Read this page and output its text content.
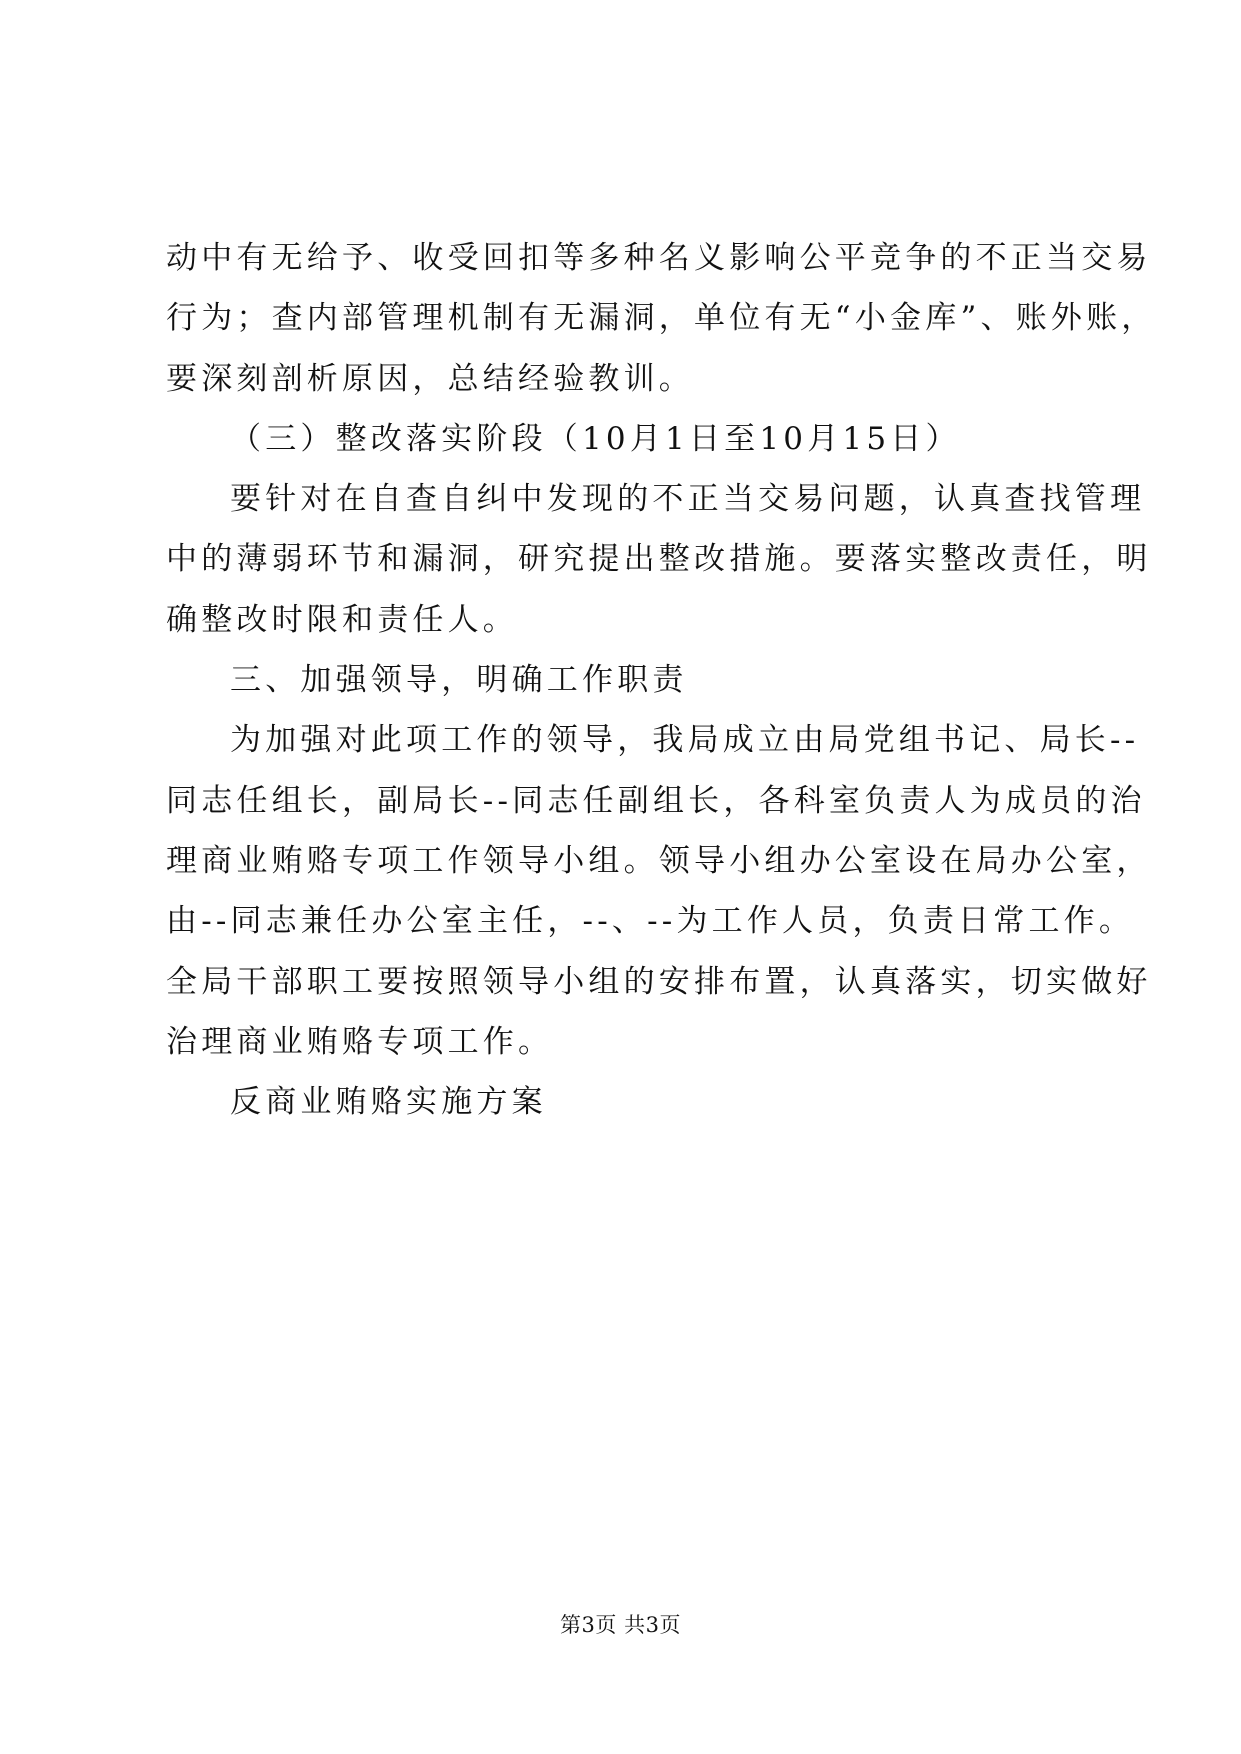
动中有无给予、收受回扣等多种名义影响公平竞争的不正当交易
行为；查内部管理机制有无漏洞，单位有无“小金库”、账外账，
要深刻剖析原因，总结经验教训。
（三）整改落实阶段（10月1日至10月15日）
要针对在自查自纠中发现的不正当交易问题，认真查找管理
中的薄弱环节和漏洞，研究提出整改措施。要落实整改责任，明
确整改时限和责任人。
三、加强领导，明确工作职责
为加强对此项工作的领导，我局成立由局党组书记、局长--
同志任组长，副局长--同志任副组长，各科室负责人为成员的治
理商业贿赂专项工作领导小组。领导小组办公室设在局办公室，
由--同志兼任办公室主任，--、--为工作人员，负责日常工作。
全局干部职工要按照领导小组的安排布置，认真落实，切实做好
治理商业贿赂专项工作。
反商业贿赂实施方案
第3页 共3页
